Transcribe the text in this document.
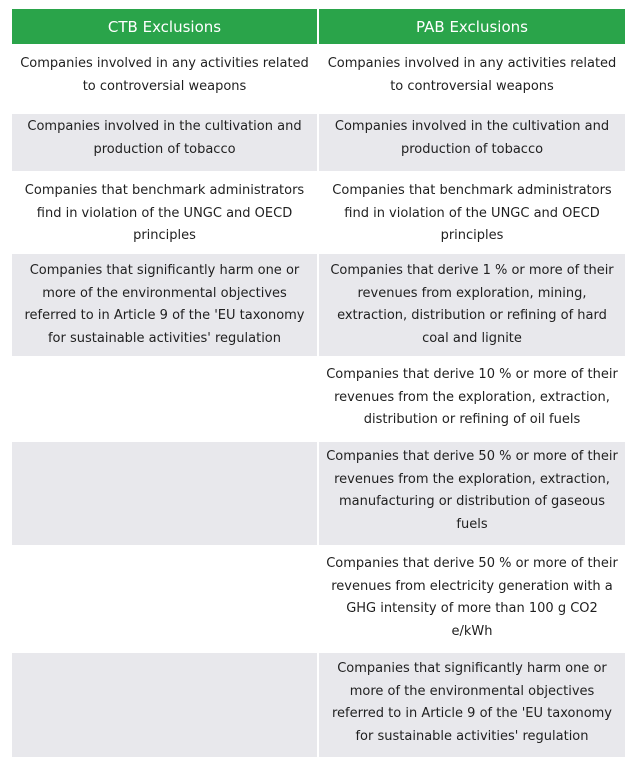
CTB Exclusions	PAB Exclusions
Companies involved in any activities related to controversial weapons	Companies involved in any activities related to controversial weapons
Companies involved in the cultivation and production of tobacco	Companies involved in the cultivation and production of tobacco
Companies that benchmark administrators find in violation of the UNGC and OECD principles	Companies that benchmark administrators find in violation of the UNGC and OECD principles
Companies that significantly harm one or more of the environmental objectives referred to in Article 9 of the 'EU taxonomy for sustainable activities' regulation	Companies that derive 1 % or more of their revenues from exploration, mining, extraction, distribution or refining of hard coal and lignite
	Companies that derive 10 % or more of their revenues from the exploration, extraction, distribution or refining of oil fuels
	Companies that derive 50 % or more of their revenues from the exploration, extraction, manufacturing or distribution of gaseous fuels
	Companies that derive 50 % or more of their revenues from electricity generation with a GHG intensity of more than 100 g CO2 e/kWh
	Companies that significantly harm one or more of the environmental objectives referred to in Article 9 of the 'EU taxonomy for sustainable activities' regulation
